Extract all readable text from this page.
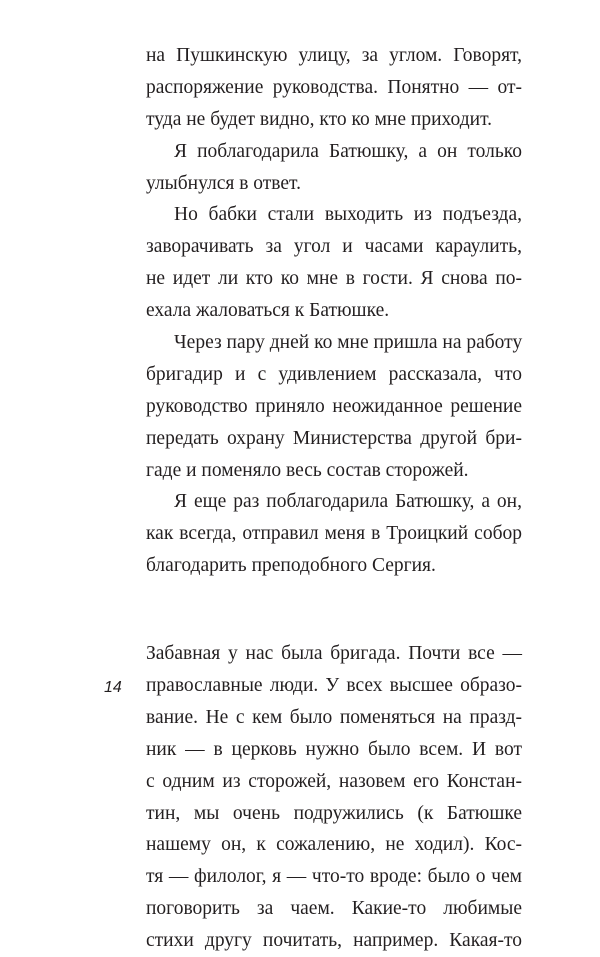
на Пушкинскую улицу, за углом. Говорят,
распоряжение руководства. Понятно — от-
туда не будет видно, кто ко мне приходит.
Я поблагодарила Батюшку, а он только
улыбнулся в ответ.
Но бабки стали выходить из подъезда,
заворачивать за угол и часами караулить,
не идет ли кто ко мне в гости. Я снова по-
ехала жаловаться к Батюшке.
Через пару дней ко мне пришла на работу
бригадир и с удивлением рассказала, что
руководство приняло неожиданное решение
передать охрану Министерства другой бри-
гаде и поменяло весь состав сторожей.
Я еще раз поблагодарила Батюшку, а он,
как всегда, отправил меня в Троицкий собор
благодарить преподобного Сергия.
Забавная у нас была бригада. Почти все —
православные люди. У всех высшее образо-
вание. Не с кем было поменяться на празд-
ник — в церковь нужно было всем. И вот
с одним из сторожей, назовем его Констан-
тин, мы очень подружились (к Батюшке
нашему он, к сожалению, не ходил). Кос-
тя — филолог, я — что-то вроде: было о чем
поговорить за чаем. Какие-то любимые
стихи другу почитать, например. Какая-то
14
